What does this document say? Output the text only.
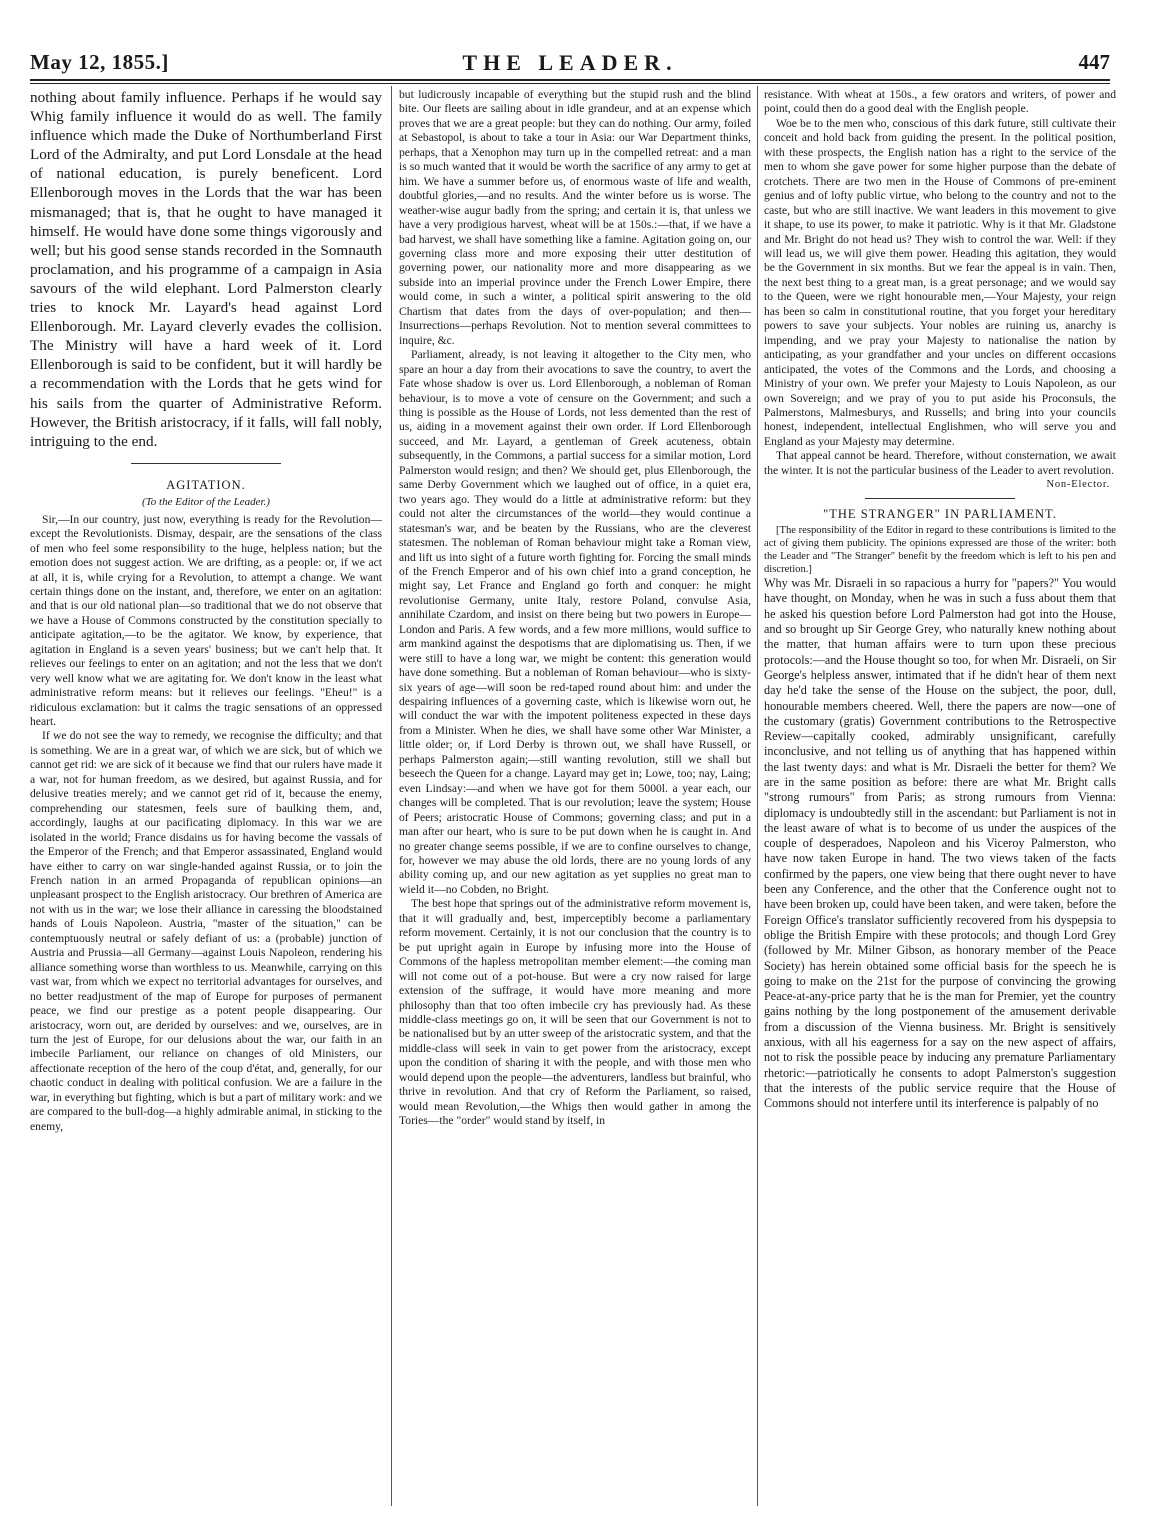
May 12, 1855.]	THE LEADER.	447

nothing about family influence. Perhaps if he would say Whig family influence it would do as well. The family influence which made the Duke of Northumberland First Lord of the Admiralty, and put Lord Lonsdale at the head of national education, is purely beneficent. Lord Ellenborough moves in the Lords that the war has been mismanaged; that is, that he ought to have managed it himself. He would have done some things vigorously and well; but his good sense stands recorded in the Somnauth proclamation, and his programme of a campaign in Asia savours of the wild elephant. Lord Palmerston clearly tries to knock Mr. Layard's head against Lord Ellenborough. Mr. Layard cleverly evades the collision. The Ministry will have a hard week of it. Lord Ellenborough is said to be confident, but it will hardly be a recommendation with the Lords that he gets wind for his sails from the quarter of Administrative Reform. However, the British aristocracy, if it falls, will fall nobly, intriguing to the end.

AGITATION.
(To the Editor of the Leader.)

Sir,—In our country, just now, everything is ready for the Revolution—except the Revolutionists. Dismay, despair, are the sensations of the class of men who feel some responsibility to the huge, helpless nation; but the emotion does not suggest action. We are drifting, as a people: or, if we act at all, it is, while crying for a Revolution, to attempt a change. We want certain things done on the instant, and, therefore, we enter on an agitation: and that is our old national plan—so traditional that we do not observe that we have a House of Commons constructed by the constitution specially to anticipate agitation,—to be the agitator. We know, by experience, that agitation in England is a seven years' business; but we can't help that. It relieves our feelings to enter on an agitation; and not the less that we don't very well know what we are agitating for. We don't know in the least what administrative reform means: but it relieves our feelings. "Eheu!" is a ridiculous exclamation: but it calms the tragic sensations of an oppressed heart.

If we do not see the way to remedy, we recognise the difficulty; and that is something. We are in a great war, of which we are sick, but of which we cannot get rid: we are sick of it because we find that our rulers have made it a war, not for human freedom, as we desired, but against Russia, and for delusive treaties merely; and we cannot get rid of it, because the enemy, comprehending our statesmen, feels sure of baulking them, and, accordingly, laughs at our pacificating diplomacy. In this war we are isolated in the world; France disdains us for having become the vassals of the Emperor of the French; and that Emperor assassinated, England would have either to carry on war single-handed against Russia, or to join the French nation in an armed Propaganda of republican opinions—an unpleasant prospect to the English aristocracy. Our brethren of America are not with us in the war; we lose their alliance in caressing the bloodstained hands of Louis Napoleon. Austria, "master of the situation," can be contemptuously neutral or safely defiant of us: a (probable) junction of Austria and Prussia—all Germany—against Louis Napoleon, rendering his alliance something worse than worthless to us. Meanwhile, carrying on this vast war, from which we expect no territorial advantages for ourselves, and no better readjustment of the map of Europe for purposes of permanent peace, we find our prestige as a potent people disappearing. Our aristocracy, worn out, are derided by ourselves: and we, ourselves, are in turn the jest of Europe, for our delusions about the war, our faith in an imbecile Parliament, our reliance on changes of old Ministers, our affectionate reception of the hero of the coup d'état, and, generally, for our chaotic conduct in dealing with political confusion. We are a failure in the war, in everything but fighting, which is but a part of military work: and we are compared to the bull-dog—a highly admirable animal, in sticking to the enemy,

but ludicrously incapable of everything but the stupid rush and the blind bite. Our fleets are sailing about in idle grandeur, and at an expense which proves that we are a great people: but they can do nothing. Our army, foiled at Sebastopol, is about to take a tour in Asia: our War Department thinks, perhaps, that a Xenophon may turn up in the compelled retreat: and a man is so much wanted that it would be worth the sacrifice of any army to get at him. We have a summer before us, of enormous waste of life and wealth, doubtful glories,—and no results. And the winter before us is worse. The weather-wise augur badly from the spring; and certain it is, that unless we have a very prodigious harvest, wheat will be at 150s.:—that, if we have a bad harvest, we shall have something like a famine. Agitation going on, our governing class more and more exposing their utter destitution of governing power, our nationality more and more disappearing as we subside into an imperial province under the French Lower Empire, there would come, in such a winter, a political spirit answering to the old Chartism that dates from the days of over-population; and then—Insurrections—perhaps Revolution. Not to mention several committees to inquire, &c.

Parliament, already, is not leaving it altogether to the City men, who spare an hour a day from their avocations to save the country, to avert the Fate whose shadow is over us. Lord Ellenborough, a nobleman of Roman behaviour, is to move a vote of censure on the Government; and such a thing is possible as the House of Lords, not less demented than the rest of us, aiding in a movement against their own order. If Lord Ellenborough succeed, and Mr. Layard, a gentleman of Greek acuteness, obtain subsequently, in the Commons, a partial success for a similar motion, Lord Palmerston would resign; and then? We should get, plus Ellenborough, the same Derby Government which we laughed out of office, in a quiet era, two years ago. They would do a little at administrative reform: but they could not alter the circumstances of the world—they would continue a statesman's war, and be beaten by the Russians, who are the cleverest statesmen. The nobleman of Roman behaviour might take a Roman view, and lift us into sight of a future worth fighting for. Forcing the small minds of the French Emperor and of his own chief into a grand conception, he might say, Let France and England go forth and conquer: he might revolutionise Germany, unite Italy, restore Poland, convulse Asia, annihilate Czardom, and insist on there being but two powers in Europe—London and Paris. A few words, and a few more millions, would suffice to arm mankind against the despotisms that are diplomatising us. Then, if we were still to have a long war, we might be content: this generation would have done something. But a nobleman of Roman behaviour—who is sixty-six years of age—will soon be red-taped round about him: and under the despairing influences of a governing caste, which is likewise worn out, he will conduct the war with the impotent politeness expected in these days from a Minister. When he dies, we shall have some other War Minister, a little older; or, if Lord Derby is thrown out, we shall have Russell, or perhaps Palmerston again;—still wanting revolution, still we shall but beseech the Queen for a change. Layard may get in; Lowe, too; nay, Laing; even Lindsay:—and when we have got for them 5000l. a year each, our changes will be completed. That is our revolution; leave the system; House of Peers; aristocratic House of Commons; governing class; and put in a man after our heart, who is sure to be put down when he is caught in. And no greater change seems possible, if we are to confine ourselves to change, for, however we may abuse the old lords, there are no young lords of any ability coming up, and our new agitation as yet supplies no great man to wield it—no Cobden, no Bright.

The best hope that springs out of the administrative reform movement is, that it will gradually and, best, imperceptibly become a parliamentary reform movement. Certainly, it is not our conclusion that the country is to be put upright again in Europe by infusing more into the House of Commons of the hapless metropolitan member element:—the coming man will not come out of a pot-house. But were a cry now raised for large extension of the suffrage, it would have more meaning and more philosophy than that too often imbecile cry has previously had. As these middle-class meetings go on, it will be seen that our Government is not to be nationalised but by an utter sweep of the aristocratic system, and that the middle-class will seek in vain to get power from the aristocracy, except upon the condition of sharing it with the people, and with those men who would depend upon the people—the adventurers, landless but brainful, who thrive in revolution. And that cry of Reform the Parliament, so raised, would mean Revolution,—the Whigs then would gather in among the Tories—the "order" would stand by itself, in

resistance. With wheat at 150s., a few orators and writers, of power and point, could then do a good deal with the English people.

Woe be to the men who, conscious of this dark future, still cultivate their conceit and hold back from guiding the present. In the political position, with these prospects, the English nation has a right to the service of the men to whom she gave power for some higher purpose than the debate of crotchets. There are two men in the House of Commons of pre-eminent genius and of lofty public virtue, who belong to the country and not to the caste, but who are still inactive. We want leaders in this movement to give it shape, to use its power, to make it patriotic. Why is it that Mr. Gladstone and Mr. Bright do not head us? They wish to control the war. Well: if they will lead us, we will give them power. Heading this agitation, they would be the Government in six months. But we fear the appeal is in vain. Then, the next best thing to a great man, is a great personage; and we would say to the Queen, were we right honourable men,—Your Majesty, your reign has been so calm in constitutional routine, that you forget your hereditary powers to save your subjects. Your nobles are ruining us, anarchy is impending, and we pray your Majesty to nationalise the nation by anticipating, as your grandfather and your uncles on different occasions anticipated, the votes of the Commons and the Lords, and choosing a Ministry of your own. We prefer your Majesty to Louis Napoleon, as our own Sovereign; and we pray of you to put aside his Proconsuls, the Palmerstons, Malmesburys, and Russells; and bring into your councils honest, independent, intellectual Englishmen, who will serve you and England as your Majesty may determine.

That appeal cannot be heard. Therefore, without consternation, we await the winter. It is not the particular business of the Leader to avert revolution.

Non-Elector.
"THE STRANGER" IN PARLIAMENT.

[The responsibility of the Editor in regard to these contributions is limited to the act of giving them publicity. The opinions expressed are those of the writer: both the Leader and "The Stranger" benefit by the freedom which is left to his pen and discretion.]

Why was Mr. Disraeli in so rapacious a hurry for "papers?" You would have thought, on Monday, when he was in such a fuss about them that he asked his question before Lord Palmerston had got into the House, and so brought up Sir George Grey, who naturally knew nothing about the matter, that human affairs were to turn upon these precious protocols:—and the House thought so too, for when Mr. Disraeli, on Sir George's helpless answer, intimated that if he didn't hear of them next day he'd take the sense of the House on the subject, the poor, dull, honourable members cheered. Well, there the papers are now—one of the customary (gratis) Government contributions to the Retrospective Review—capitally cooked, admirably unsignificant, carefully inconclusive, and not telling us of anything that has happened within the last twenty days: and what is Mr. Disraeli the better for them? We are in the same position as before: there are what Mr. Bright calls "strong rumours" from Paris; as strong rumours from Vienna: diplomacy is undoubtedly still in the ascendant: but Parliament is not in the least aware of what is to become of us under the auspices of the couple of desperadoes, Napoleon and his Viceroy Palmerston, who have now taken Europe in hand. The two views taken of the facts confirmed by the papers, one view being that there ought never to have been any Conference, and the other that the Conference ought not to have been broken up, could have been taken, and were taken, before the Foreign Office's translator sufficiently recovered from his dyspepsia to oblige the British Empire with these protocols; and though Lord Grey (followed by Mr. Milner Gibson, as honorary member of the Peace Society) has herein obtained some official basis for the speech he is going to make on the 21st for the purpose of convincing the growing Peace-at-any-price party that he is the man for Premier, yet the country gains nothing by the long postponement of the amusement derivable from a discussion of the Vienna business. Mr. Bright is sensitively anxious, with all his eagerness for a say on the new aspect of affairs, not to risk the possible peace by inducing any premature Parliamentary rhetoric:—patriotically he consents to adopt Palmerston's suggestion that the interests of the public service require that the House of Commons should not interfere until its interference is palpably of no
